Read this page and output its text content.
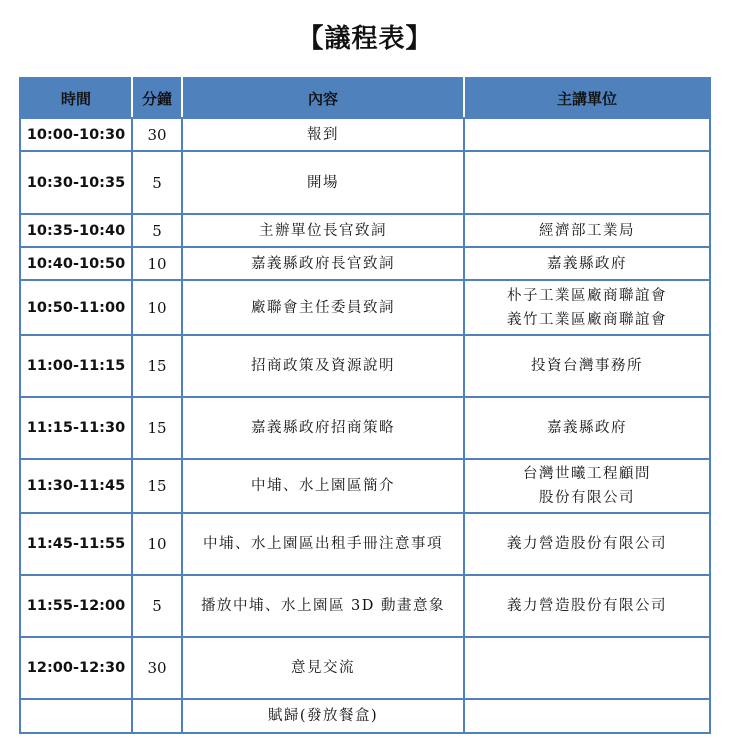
【議程表】
時間	分鐘	內容	主講單位
10:00-10:30	30	報到	

10:30-10:35	5	開場	

10:35-10:40	5	主辦單位長官致詞	經濟部工業局

10:40-10:50	10	嘉義縣政府長官致詞	嘉義縣政府

10:50-11:00	10	廠聯會主任委員致詞	朴子工業區廠商聯誼會
義竹工業區廠商聯誼會

11:00-11:15	15	招商政策及資源說明	投資台灣事務所

11:15-11:30	15	嘉義縣政府招商策略	嘉義縣政府

11:30-11:45	15	中埔、水上園區簡介	台灣世曦工程顧問
股份有限公司

11:45-11:55	10	中埔、水上園區出租手冊注意事項	義力營造股份有限公司

11:55-12:00	5	播放中埔、水上園區 3D 動畫意象	義力營造股份有限公司

12:00-12:30	30	意見交流	

		賦歸(發放餐盒)	
